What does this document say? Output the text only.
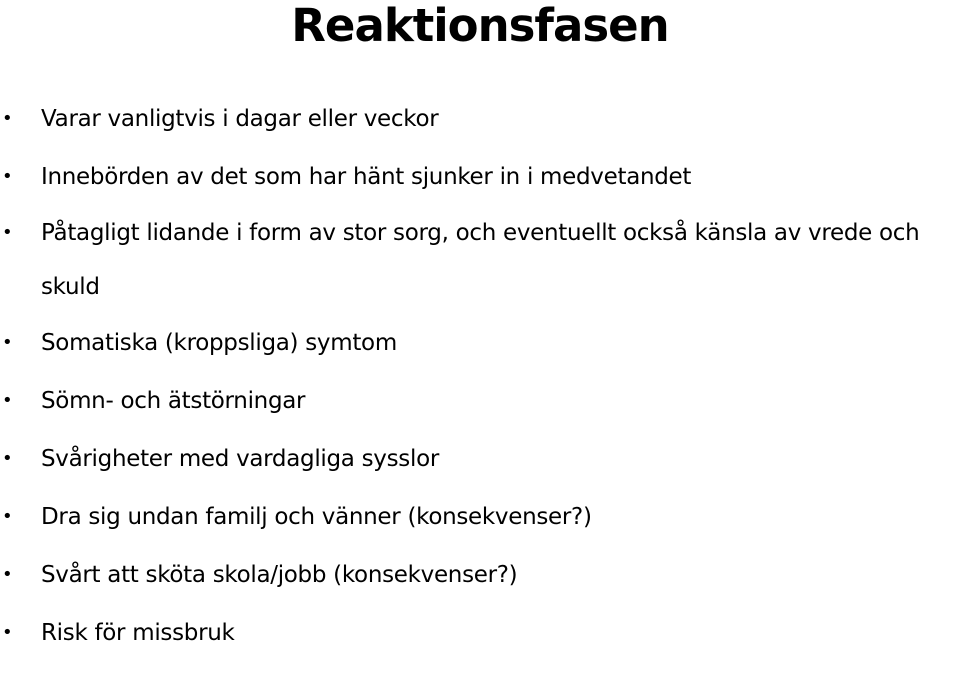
Reaktionsfasen
• Varar vanligtvis i dagar eller veckor
• Innebörden av det som har hänt sjunker in i medvetandet
• Påtagligt lidande i form av stor sorg, och eventuellt också känsla av vrede och skuld
• Somatiska (kroppsliga) symtom
• Sömn- och ätstörningar
• Svårigheter med vardagliga sysslor
• Dra sig undan familj och vänner (konsekvenser?)
• Svårt att sköta skola/jobb (konsekvenser?)
• Risk för missbruk
